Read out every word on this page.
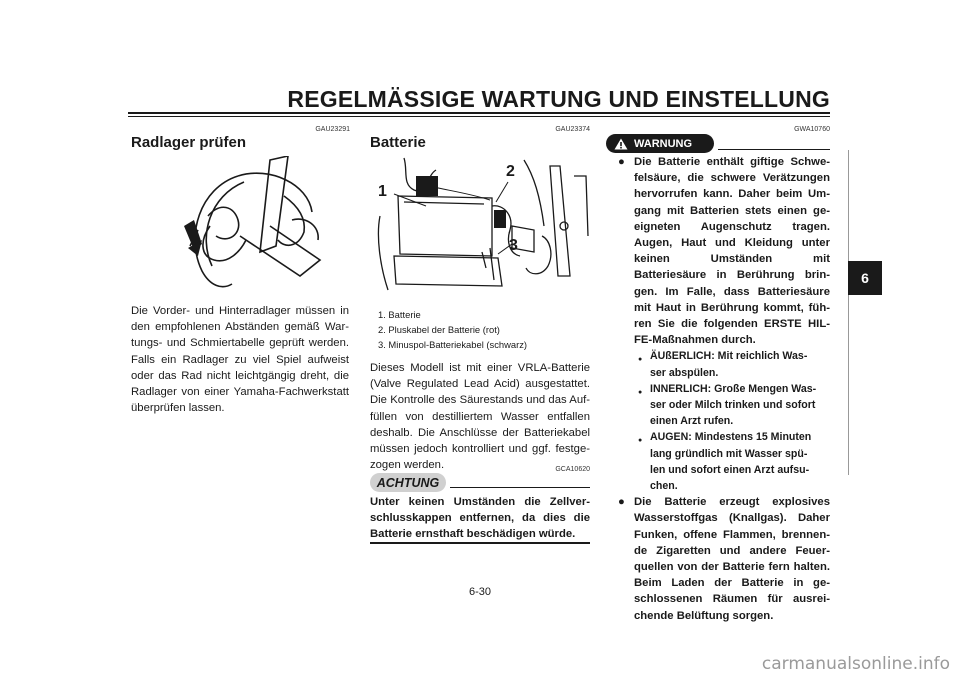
REGELMÄSSIGE WARTUNG UND EINSTELLUNG
6
GAU23291
Radlager prüfen
Die Vorder- und Hinterradlager müssen in
den empfohlenen Abständen gemäß War-
tungs- und Schmiertabelle geprüft werden.
Falls ein Radlager zu viel Spiel aufweist
oder das Rad nicht leichtgängig dreht, die
Radlager von einer Yamaha-Fachwerkstatt
überprüfen lassen.
GAU23374
Batterie
1
2
3
1. Batterie
2. Pluskabel der Batterie (rot)
3. Minuspol-Batteriekabel (schwarz)
Dieses Modell ist mit einer VRLA-Batterie
(Valve Regulated Lead Acid) ausgestattet.
Die Kontrolle des Säurestands und das Auf-
füllen von destilliertem Wasser entfallen
deshalb. Die Anschlüsse der Batteriekabel
müssen jedoch kontrolliert und ggf. festge-
zogen werden.	GCA10620
ACHTUNG
Unter keinen Umständen die Zellver-
schlusskappen entfernen, da dies die
Batterie ernsthaft beschädigen würde.
GWA10760
WARNUNG
● Die Batterie enthält giftige Schwe-
felsäure, die schwere Verätzungen
hervorrufen kann. Daher beim Um-
gang mit Batterien stets einen ge-
eigneten Augenschutz tragen.
Augen, Haut und Kleidung unter
keinen Umständen mit
Batteriesäure in Berührung brin-
gen. Im Falle, dass Batteriesäure
mit Haut in Berührung kommt, füh-
ren Sie die folgenden ERSTE HIL-
FE-Maßnahmen durch.
● ÄUßERLICH: Mit reichlich Was-
ser abspülen.
● INNERLICH: Große Mengen Was-
ser oder Milch trinken und sofort
einen Arzt rufen.
● AUGEN: Mindestens 15 Minuten
lang gründlich mit Wasser spü-
len und sofort einen Arzt aufsu-
chen.
● Die Batterie erzeugt explosives
Wasserstoffgas (Knallgas). Daher
Funken, offene Flammen, brennen-
de Zigaretten und andere Feuer-
quellen von der Batterie fern halten.
Beim Laden der Batterie in ge-
schlossenen Räumen für ausrei-
chende Belüftung sorgen.
6-30
carmanualsonline.info
